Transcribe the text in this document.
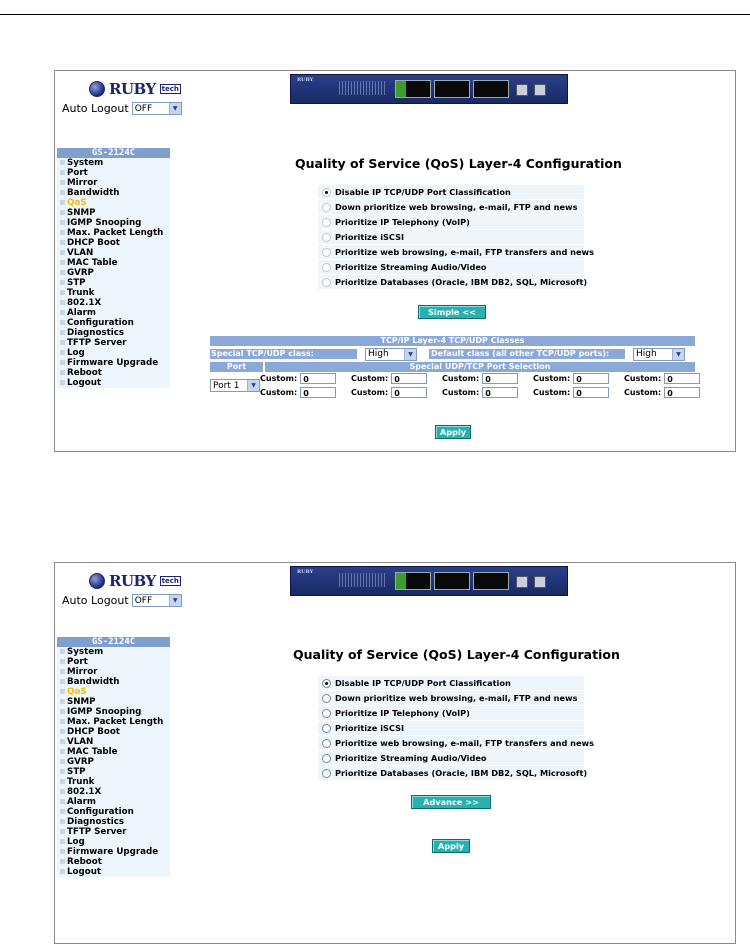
RUBY tech
Auto Logout OFF	▼
RUBY
GS-2124C
System
Port
Mirror
Bandwidth
QoS
SNMP
IGMP Snooping
Max. Packet Length
DHCP Boot
VLAN
MAC Table
GVRP
STP
Trunk
802.1X
Alarm
Configuration
Diagnostics
TFTP Server
Log
Firmware Upgrade
Reboot
Logout
Quality of Service (QoS) Layer-4 Configuration
Disable IP TCP/UDP Port Classification
Down prioritize web browsing, e-mail, FTP and news
Prioritize IP Telephony (VoIP)
Prioritize iSCSI
Prioritize web browsing, e-mail, FTP transfers and news
Prioritize Streaming Audio/Video
Prioritize Databases (Oracle, IBM DB2, SQL, Microsoft)
Simple <<
TCP/IP Layer-4 TCP/UDP Classes
Special TCP/UDP class:	High	▼	Default class (all other TCP/UDP ports):	High	▼
Port	Special UDP/TCP Port Selection
Port 1	▼
Custom: 0	Custom: 0	Custom: 0	Custom: 0	Custom: 0
Custom: 0	Custom: 0	Custom: 0	Custom: 0	Custom: 0
Apply
RUBY tech
Auto Logout OFF	▼
RUBY
GS-2124C
System
Port
Mirror
Bandwidth
QoS
SNMP
IGMP Snooping
Max. Packet Length
DHCP Boot
VLAN
MAC Table
GVRP
STP
Trunk
802.1X
Alarm
Configuration
Diagnostics
TFTP Server
Log
Firmware Upgrade
Reboot
Logout
Quality of Service (QoS) Layer-4 Configuration
Disable IP TCP/UDP Port Classification
Down prioritize web browsing, e-mail, FTP and news
Prioritize IP Telephony (VoIP)
Prioritize iSCSI
Prioritize web browsing, e-mail, FTP transfers and news
Prioritize Streaming Audio/Video
Prioritize Databases (Oracle, IBM DB2, SQL, Microsoft)
Advance >>
Apply
